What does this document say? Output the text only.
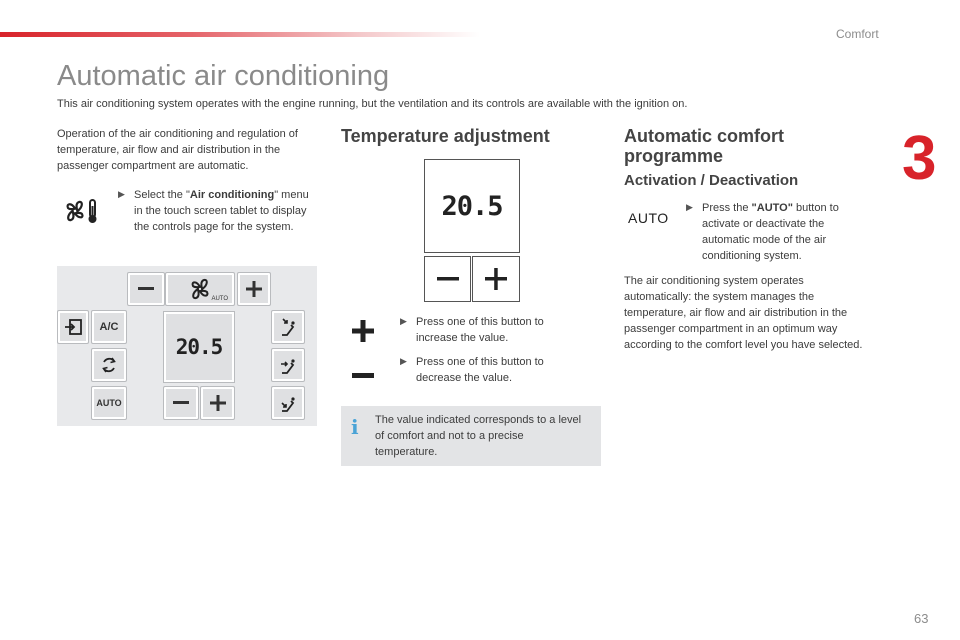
Comfort
3
Automatic air conditioning
This air conditioning system operates with the engine running, but the ventilation and its controls are available with the ignition on.

Operation of the air conditioning and regulation of temperature, air flow and air distribution in the passenger compartment are automatic.

▶ Select the "Air conditioning" menu in the touch screen tablet to display the controls page for the system.

AUTO
A/C
AUTO
20.5
Temperature adjustment
20.5
▶ Press one of this button to increase the value.

▶ Press one of this button to decrease the value.

i The value indicated corresponds to a level of comfort and not to a precise temperature.

Automatic comfort programme
Activation / Deactivation
AUTO
▶ Press the "AUTO" button to activate or deactivate the automatic mode of the air conditioning system.

The air conditioning system operates automatically: the system manages the temperature, air flow and air distribution in the passenger compartment in an optimum way according to the comfort level you have selected.

63
